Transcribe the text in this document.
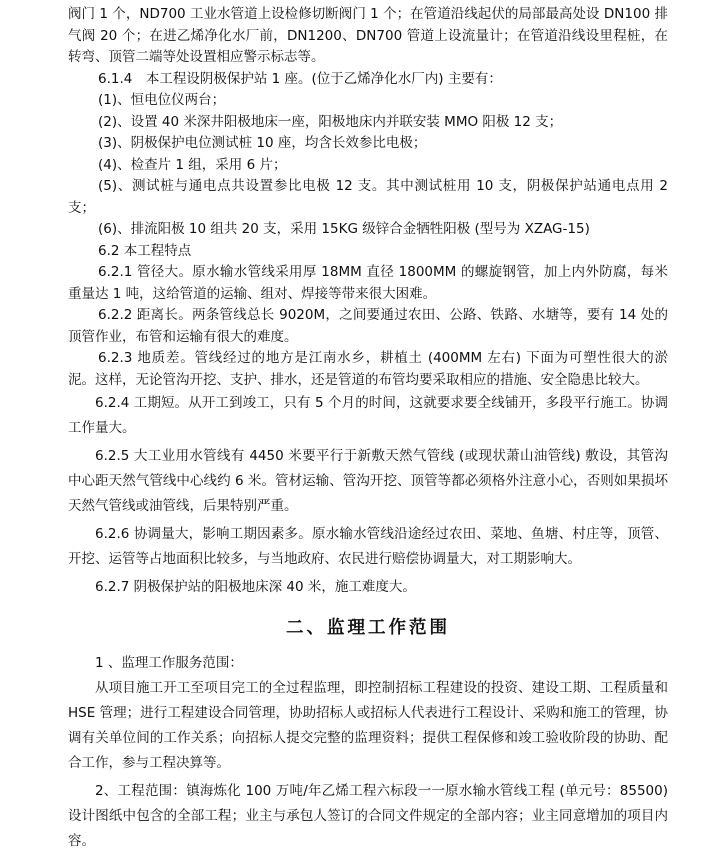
阀门 1 个，ND700 工业水管道上设检修切断阀门 1 个；在管道沿线起伏的局部最高处设 DN100 排气阀 20 个；在进乙烯净化水厂前，DN1200、DN700 管道上设流量计；在管道沿线设里程桩，在转弯、顶管二端等处设置相应警示标志等。

6.1.4　本工程设阴极保护站 1 座。(位于乙烯净化水厂内) 主要有：

(1)、恒电位仪两台；

(2)、设置 40 米深井阳极地床一座，阳极地床内并联安装 MMO 阳极 12 支；

(3)、阴极保护电位测试桩 10 座，均含长效参比电极；

(4)、检查片 1 组，采用 6 片；

(5)、测试桩与通电点共设置参比电极 12 支。其中测试桩用 10 支，阴极保护站通电点用 2 支；

(6)、排流阳极 10 组共 20 支，采用 15KG 级锌合金牺牲阳极 (型号为 XZAG-15)

6.2 本工程特点

6.2.1 管径大。原水输水管线采用厚 18MM 直径 1800MM 的螺旋钢管，加上内外防腐，每米重量达 1 吨，这给管道的运输、组对、焊接等带来很大困难。

6.2.2 距离长。两条管线总长 9020M，之间要通过农田、公路、铁路、水塘等，要有 14 处的顶管作业，布管和运输有很大的难度。

6.2.3 地质差。管线经过的地方是江南水乡，耕植土 (400MM 左右) 下面为可塑性很大的淤泥。这样，无论管沟开挖、支护、排水，还是管道的布管均要采取相应的措施、安全隐患比较大。

6.2.4 工期短。从开工到竣工，只有 5 个月的时间，这就要求要全线铺开，多段平行施工。协调工作量大。

6.2.5 大工业用水管线有 4450 米要平行于新敷天然气管线 (或现状萧山油管线) 敷设，其管沟中心距天然气管线中心线约 6 米。管材运输、管沟开挖、顶管等都必须格外注意小心，否则如果损坏天然气管线或油管线，后果特别严重。

6.2.6 协调量大，影响工期因素多。原水输水管线沿途经过农田、菜地、鱼塘、村庄等，顶管、开挖、运管等占地面积比较多，与当地政府、农民进行赔偿协调量大，对工期影响大。

6.2.7 阴极保护站的阳极地床深 40 米，施工难度大。

二、监理工作范围

1 、监理工作服务范围：

从项目施工开工至项目完工的全过程监理，即控制招标工程建设的投资、建设工期、工程质量和 HSE 管理；进行工程建设合同管理，协助招标人或招标人代表进行工程设计、采购和施工的管理，协调有关单位间的工作关系；向招标人提交完整的监理资料；提供工程保修和竣工验收阶段的协助、配合工作，参与工程决算等。

2、工程范围：镇海炼化 100 万吨/年乙烯工程六标段一一原水输水管线工程 (单元号：85500) 设计图纸中包含的全部工程；业主与承包人签订的合同文件规定的全部内容；业主同意增加的项目内容。
